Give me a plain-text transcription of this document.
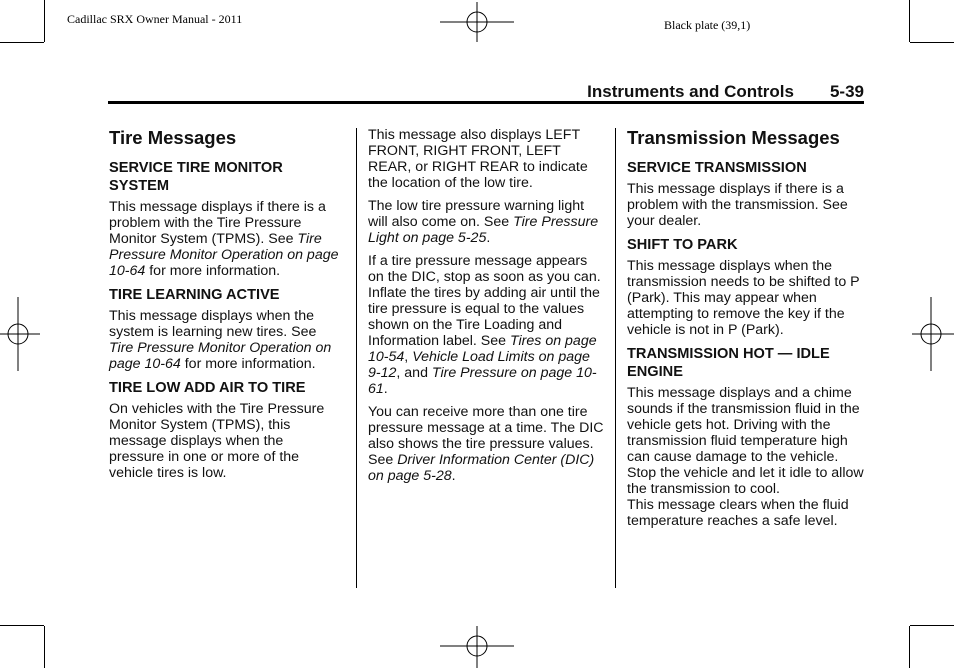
Cadillac SRX Owner Manual - 2011	Black plate (39,1)
Instruments and Controls 5-39
Tire Messages
SERVICE TIRE MONITOR SYSTEM

This message displays if there is a problem with the Tire Pressure Monitor System (TPMS). See Tire Pressure Monitor Operation on page 10-64 for more information.

TIRE LEARNING ACTIVE

This message displays when the system is learning new tires. See Tire Pressure Monitor Operation on page 10-64 for more information.

TIRE LOW ADD AIR TO TIRE

On vehicles with the Tire Pressure Monitor System (TPMS), this message displays when the pressure in one or more of the vehicle tires is low.

This message also displays LEFT FRONT, RIGHT FRONT, LEFT REAR, or RIGHT REAR to indicate the location of the low tire.

The low tire pressure warning light will also come on. See Tire Pressure Light on page 5-25.

If a tire pressure message appears on the DIC, stop as soon as you can. Inflate the tires by adding air until the tire pressure is equal to the values shown on the Tire Loading and Information label. See Tires on page 10-54, Vehicle Load Limits on page 9-12, and Tire Pressure on page 10-61.

You can receive more than one tire pressure message at a time. The DIC also shows the tire pressure values. See Driver Information Center (DIC) on page 5-28.

Transmission Messages
SERVICE TRANSMISSION

This message displays if there is a problem with the transmission. See your dealer.

SHIFT TO PARK

This message displays when the transmission needs to be shifted to P (Park). This may appear when attempting to remove the key if the vehicle is not in P (Park).

TRANSMISSION HOT — IDLE ENGINE

This message displays and a chime sounds if the transmission fluid in the vehicle gets hot. Driving with the transmission fluid temperature high can cause damage to the vehicle. Stop the vehicle and let it idle to allow the transmission to cool.

This message clears when the fluid temperature reaches a safe level.
